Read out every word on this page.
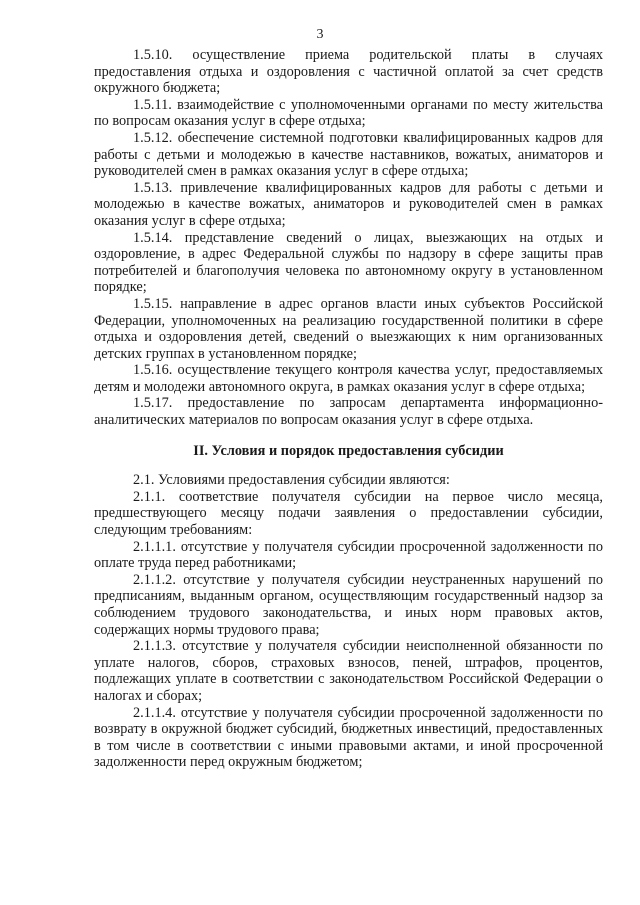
3

1.5.10. осуществление приема родительской платы в случаях предоставления отдыха и оздоровления с частичной оплатой за счет средств окружного бюджета;

1.5.11. взаимодействие с уполномоченными органами по месту жительства по вопросам оказания услуг в сфере отдыха;

1.5.12. обеспечение системной подготовки квалифицированных кадров для работы с детьми и молодежью в качестве наставников, вожатых, аниматоров и руководителей смен в рамках оказания услуг в сфере отдыха;

1.5.13. привлечение квалифицированных кадров для работы с детьми и молодежью в качестве вожатых, аниматоров и руководителей смен в рамках оказания услуг в сфере отдыха;

1.5.14. представление сведений о лицах, выезжающих на отдых и оздоровление, в адрес Федеральной службы по надзору в сфере защиты прав потребителей и благополучия человека по автономному округу в установленном порядке;

1.5.15. направление в адрес органов власти иных субъектов Российской Федерации, уполномоченных на реализацию государственной политики в сфере отдыха и оздоровления детей, сведений о выезжающих к ним организованных детских группах в установленном порядке;

1.5.16. осуществление текущего контроля качества услуг, предоставляемых детям и молодежи автономного округа, в рамках оказания услуг в сфере отдыха;

1.5.17. предоставление по запросам департамента информационно-аналитических материалов по вопросам оказания услуг в сфере отдыха.

II. Условия и порядок предоставления субсидии

2.1. Условиями предоставления субсидии являются:

2.1.1. соответствие получателя субсидии на первое число месяца, предшествующего месяцу подачи заявления о предоставлении субсидии, следующим требованиям:

2.1.1.1. отсутствие у получателя субсидии просроченной задолженности по оплате труда перед работниками;

2.1.1.2. отсутствие у получателя субсидии неустраненных нарушений по предписаниям, выданным органом, осуществляющим государственный надзор за соблюдением трудового законодательства, и иных норм правовых актов, содержащих нормы трудового права;

2.1.1.3. отсутствие у получателя субсидии неисполненной обязанности по уплате налогов, сборов, страховых взносов, пеней, штрафов, процентов, подлежащих уплате в соответствии с законодательством Российской Федерации о налогах и сборах;

2.1.1.4. отсутствие у получателя субсидии просроченной задолженности по возврату в окружной бюджет субсидий, бюджетных инвестиций, предоставленных в том числе в соответствии с иными правовыми актами, и иной просроченной задолженности перед окружным бюджетом;
